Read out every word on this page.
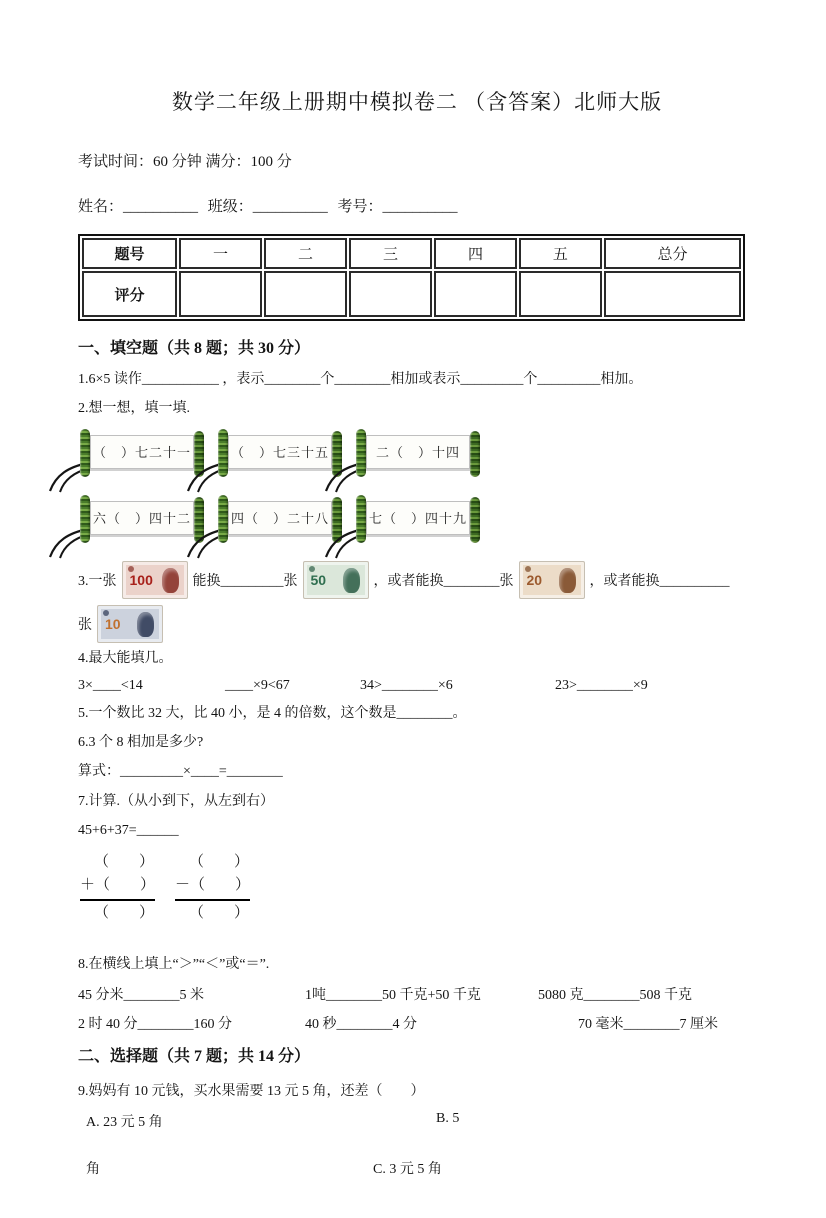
数学二年级上册期中模拟卷二 （含答案）北师大版

考试时间：60 分钟 满分：100 分

姓名：__________ 班级：__________ 考号：__________

题号	一	二	三	四	五	总分
评分						
一、填空题（共 8 题；共 30 分）

1.6×5 读作___________ ，表示________个________相加或表示_________个_________相加。

2.想一想，填一填.

（　）七二十一	（　）七三十五	二（　）十四
六（　）四十二	四（　）二十八	七（　）四十九
3.一张 100	能换_________张 50	，或者能换________张 20	，或者能换__________
张 10

4.最大能填几。

3×____<14	____×9<67	34>________×6	23>________×9

5.一个数比 32 大，比 40 小，是 4 的倍数，这个数是________。

6.3 个 8 相加是多少?

算式：_________×____=________

7.计算.（从小到下，从左到右）

45+6+37=______

（　　）
＋（　　）
（　　）
（　　）
－（　　）
（　　）

8.在横线上填上“＞”“＜”或“＝”.

45 分米________5 米	1吨________50 千克+50 千克	5080 克________508 千克
2 时 40 分________160 分	40 秒________4 分	70 毫米________7 厘米
二、选择题（共 7 题；共 14 分）

9.妈妈有 10 元钱，买水果需要 13 元 5 角，还差（　　）

A. 23 元 5 角	B. 5
角	C. 3 元 5 角
